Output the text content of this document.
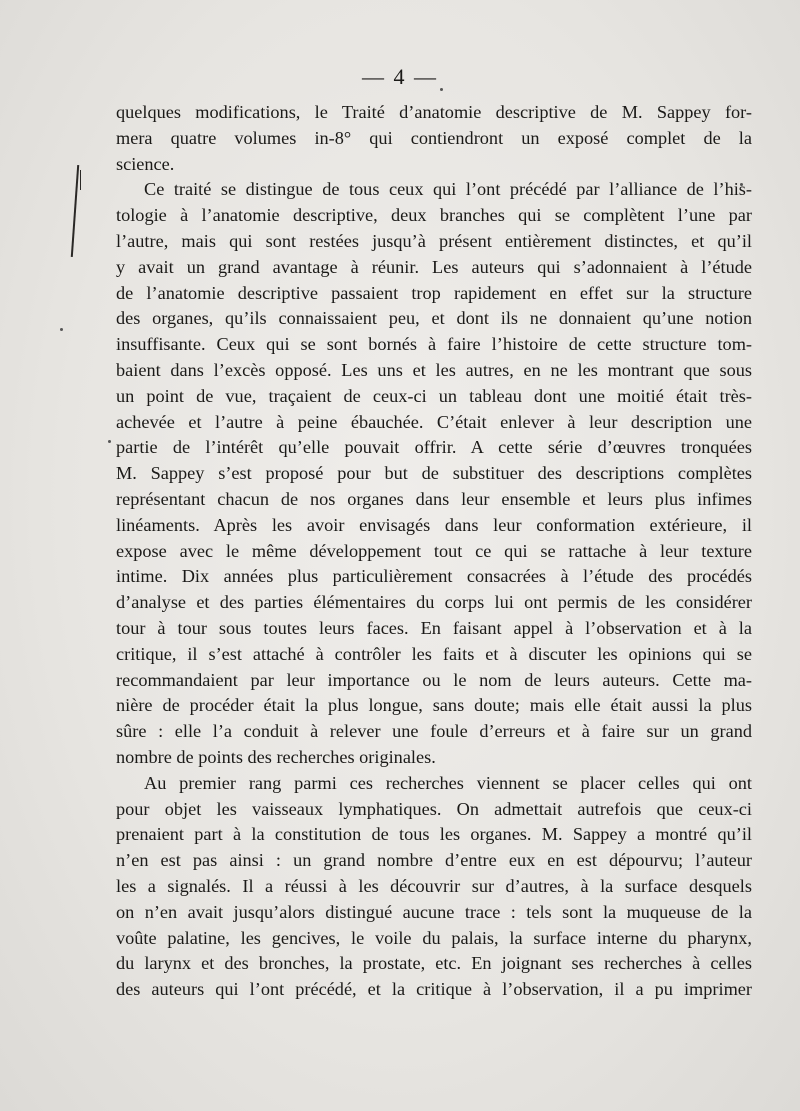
— 4 —
quelques modifications, le Traité d’anatomie descriptive de M. Sappey for-
mera quatre volumes in-8° qui contiendront un exposé complet de la
science.
Ce traité se distingue de tous ceux qui l’ont précédé par l’alliance de l’his-
tologie à l’anatomie descriptive, deux branches qui se complètent l’une par
l’autre, mais qui sont restées jusqu’à présent entièrement distinctes, et qu’il
y avait un grand avantage à réunir. Les auteurs qui s’adonnaient à l’étude
de l’anatomie descriptive passaient trop rapidement en effet sur la structure
des organes, qu’ils connaissaient peu, et dont ils ne donnaient qu’une notion
insuffisante. Ceux qui se sont bornés à faire l’histoire de cette structure tom-
baient dans l’excès opposé. Les uns et les autres, en ne les montrant que sous
un point de vue, traçaient de ceux-ci un tableau dont une moitié était très-
achevée et l’autre à peine ébauchée. C’était enlever à leur description une
partie de l’intérêt qu’elle pouvait offrir. A cette série d’œuvres tronquées
M. Sappey s’est proposé pour but de substituer des descriptions complètes
représentant chacun de nos organes dans leur ensemble et leurs plus infimes
linéaments. Après les avoir envisagés dans leur conformation extérieure, il
expose avec le même développement tout ce qui se rattache à leur texture
intime. Dix années plus particulièrement consacrées à l’étude des procédés
d’analyse et des parties élémentaires du corps lui ont permis de les considérer
tour à tour sous toutes leurs faces. En faisant appel à l’observation et à la
critique, il s’est attaché à contrôler les faits et à discuter les opinions qui se
recommandaient par leur importance ou le nom de leurs auteurs. Cette ma-
nière de procéder était la plus longue, sans doute; mais elle était aussi la plus
sûre : elle l’a conduit à relever une foule d’erreurs et à faire sur un grand
nombre de points des recherches originales.
Au premier rang parmi ces recherches viennent se placer celles qui ont
pour objet les vaisseaux lymphatiques. On admettait autrefois que ceux-ci
prenaient part à la constitution de tous les organes. M. Sappey a montré qu’il
n’en est pas ainsi : un grand nombre d’entre eux en est dépourvu; l’auteur
les a signalés. Il a réussi à les découvrir sur d’autres, à la surface desquels
on n’en avait jusqu’alors distingué aucune trace : tels sont la muqueuse de la
voûte palatine, les gencives, le voile du palais, la surface interne du pharynx,
du larynx et des bronches, la prostate, etc. En joignant ses recherches à celles
des auteurs qui l’ont précédé, et la critique à l’observation, il a pu imprimer
